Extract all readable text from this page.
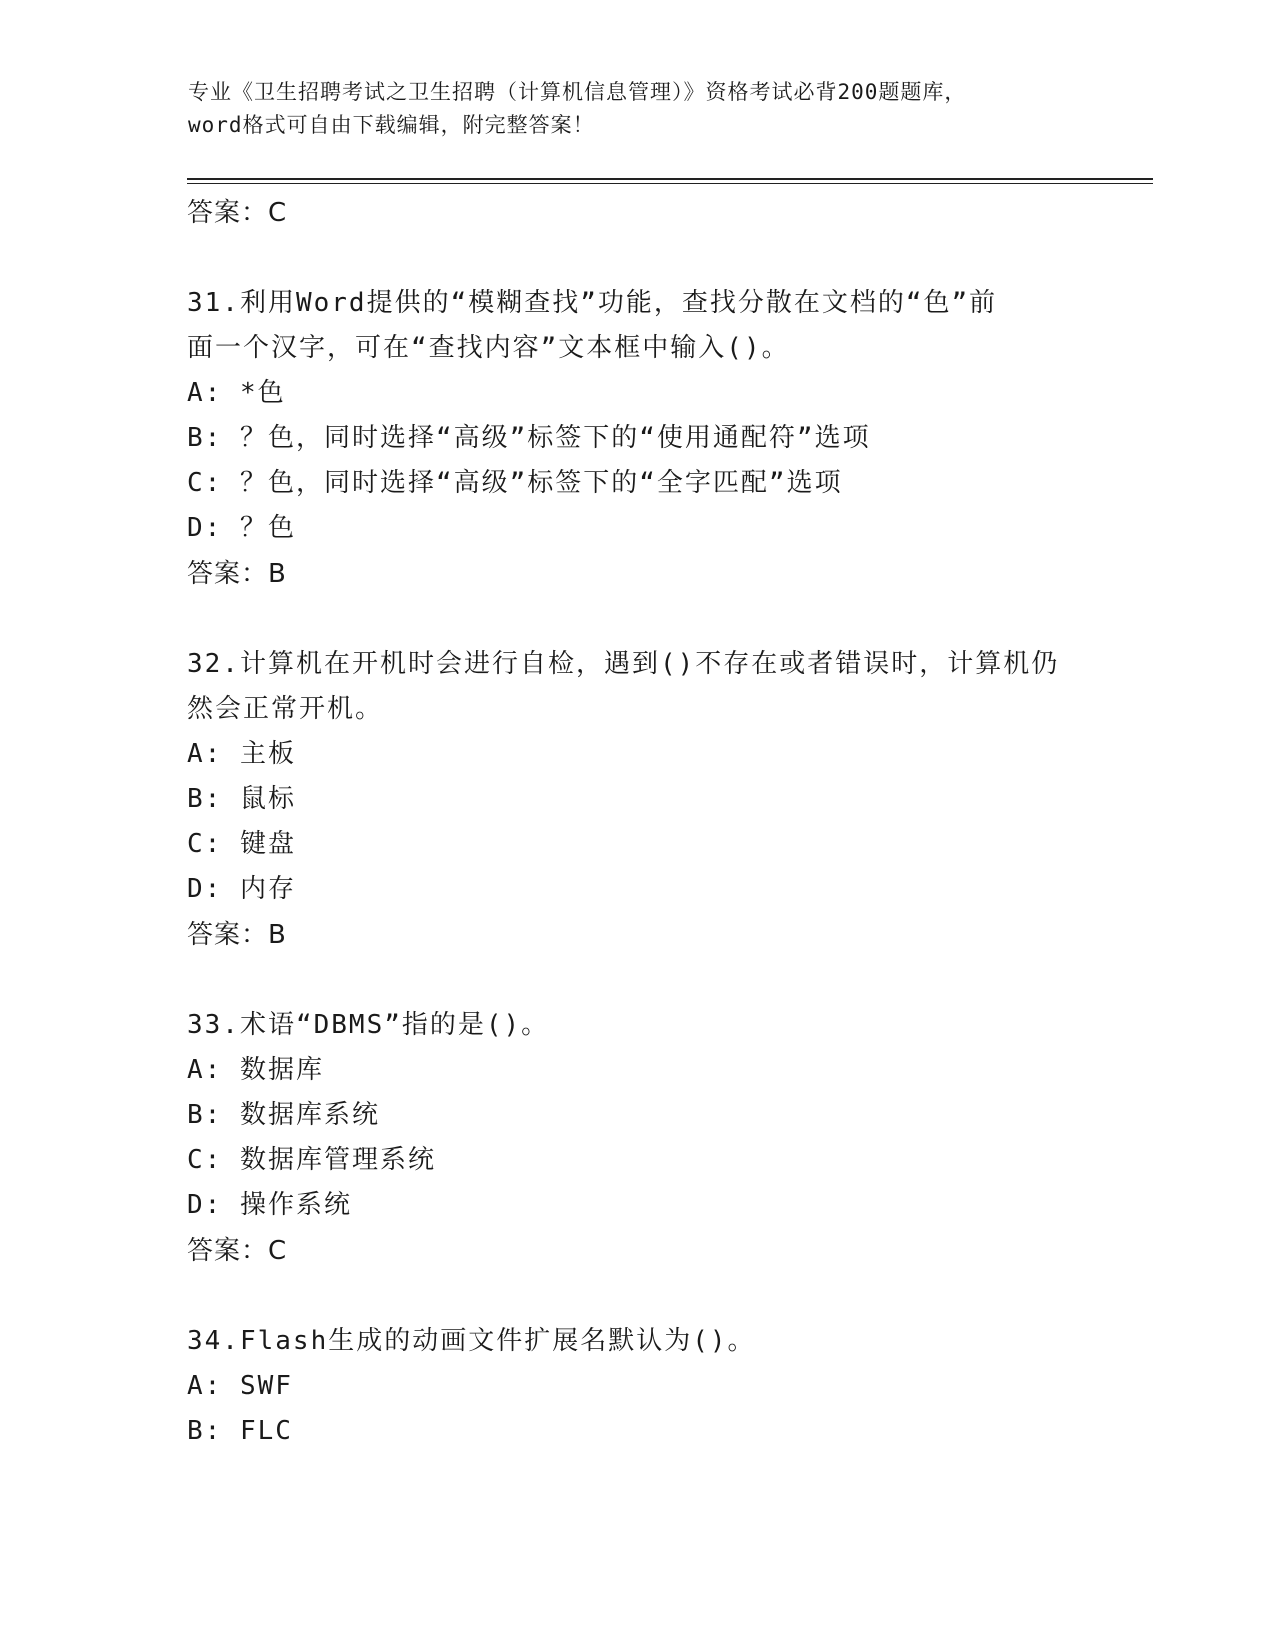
专业《卫生招聘考试之卫生招聘（计算机信息管理）》资格考试必背200题题库，
word格式可自由下载编辑，附完整答案！
答案：C
31.利用Word提供的“模糊查找”功能，查找分散在文档的“色”前
面一个汉字，可在“查找内容”文本框中输入()。
A: *色
B: ？色，同时选择“高级”标签下的“使用通配符”选项
C: ？色，同时选择“高级”标签下的“全字匹配”选项
D: ？色
答案：B
32.计算机在开机时会进行自检，遇到()不存在或者错误时，计算机仍
然会正常开机。
A: 主板
B: 鼠标
C: 键盘
D: 内存
答案：B
33.术语“DBMS”指的是()。
A: 数据库
B: 数据库系统
C: 数据库管理系统
D: 操作系统
答案：C
34.Flash生成的动画文件扩展名默认为()。
A: SWF
B: FLC
